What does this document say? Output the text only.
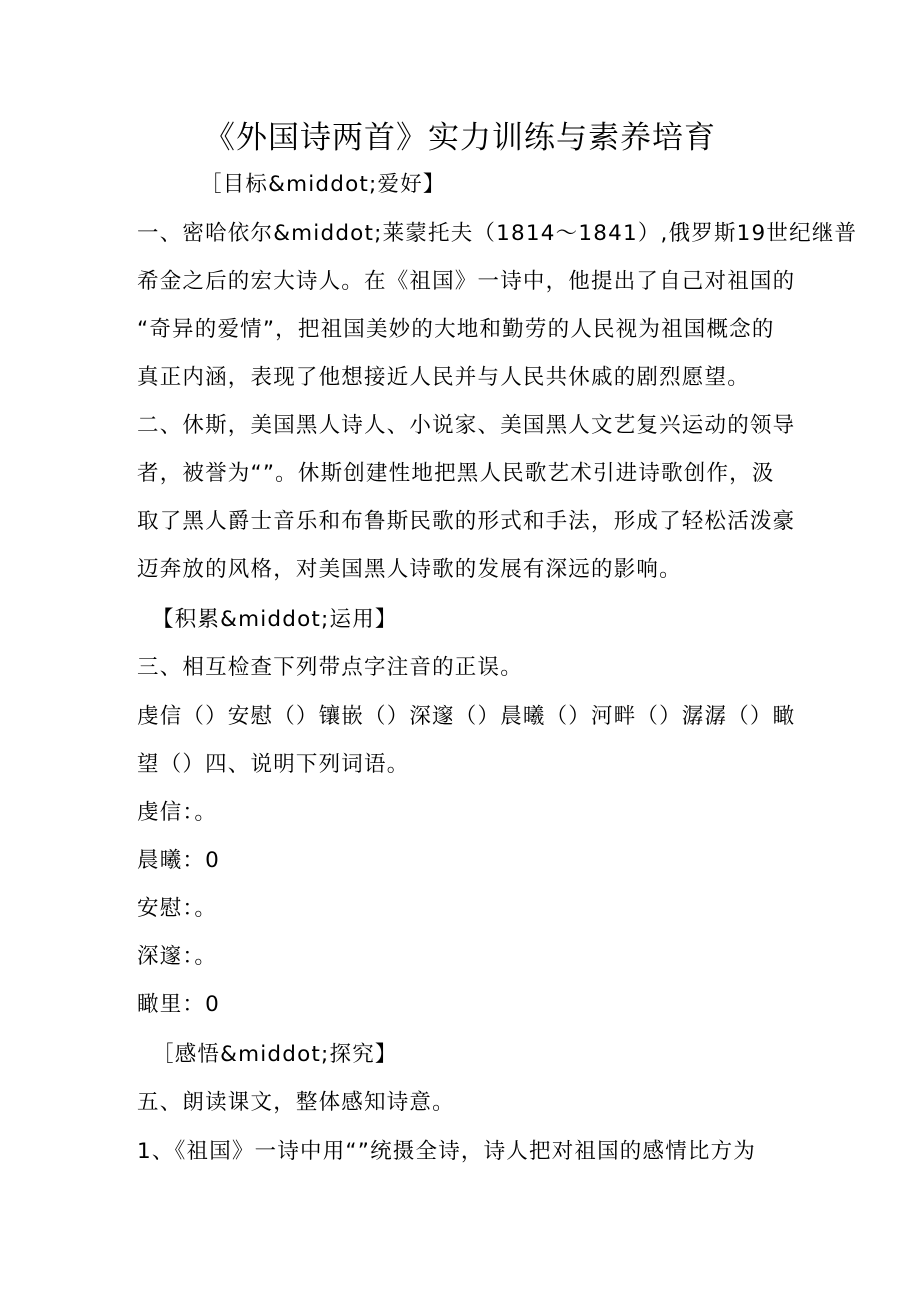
《外国诗两首》实力训练与素养培育
［目标&middot;爱好】
一、密哈依尔&middot;莱蒙托夫（1814～1841）,俄罗斯19世纪继普
希金之后的宏大诗人。在《祖国》一诗中，他提出了自己对祖国的
“奇异的爱情”，把祖国美妙的大地和勤劳的人民视为祖国概念的
真正内涵，表现了他想接近人民并与人民共休戚的剧烈愿望。
二、休斯，美国黑人诗人、小说家、美国黑人文艺复兴运动的领导
者，被誉为“”。休斯创建性地把黑人民歌艺术引进诗歌创作，汲
取了黑人爵士音乐和布鲁斯民歌的形式和手法，形成了轻松活泼豪
迈奔放的风格，对美国黑人诗歌的发展有深远的影响。
【积累&middot;运用】
三、相互检查下列带点字注音的正误。
虔信（）安慰（）镶嵌（）深邃（）晨曦（）河畔（）潺潺（）瞰
望（）四、说明下列词语。
虔信：。
晨曦：0
安慰：。
深邃：。
瞰里：0
［感悟&middot;探究】
五、朗读课文，整体感知诗意。
1、《祖国》一诗中用“”统摄全诗，诗人把对祖国的感情比方为
